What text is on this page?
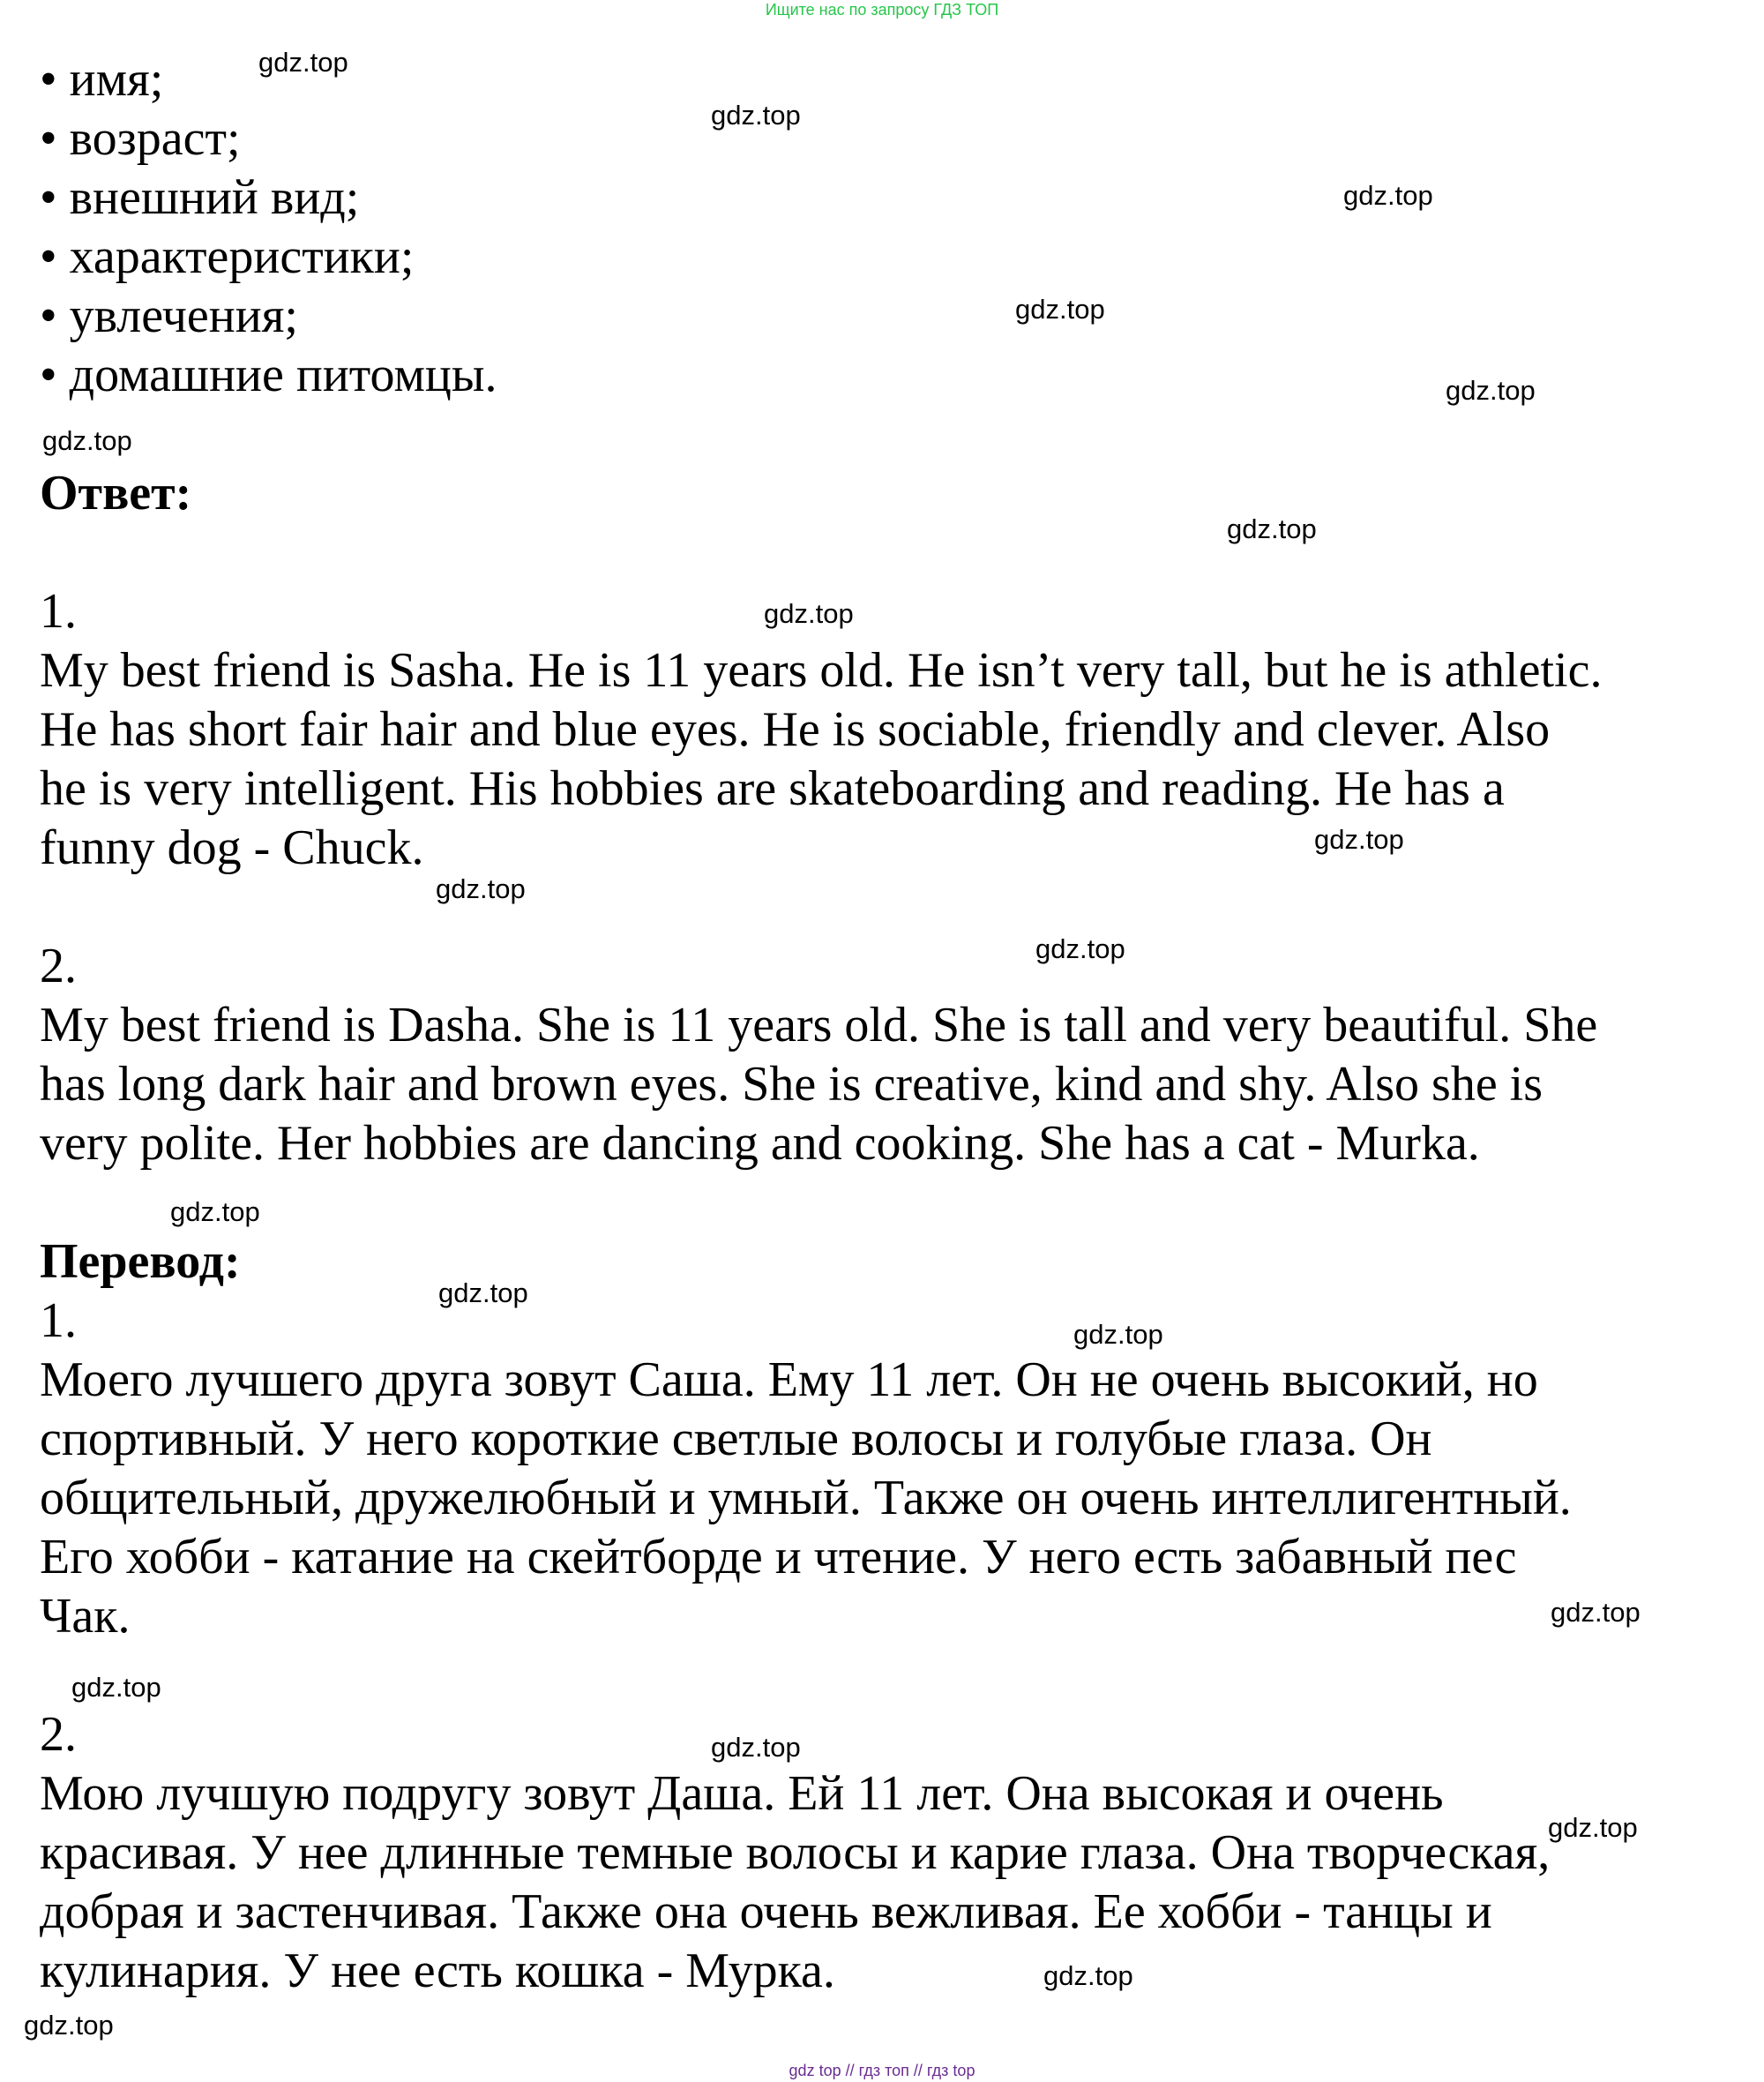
Ищите нас по запросу ГДЗ ТОП
• имя;
• возраст;
• внешний вид;
• характеристики;
• увлечения;
• домашние питомцы.
Ответ:
1.
My best friend is Sasha. He is 11 years old. He isn’t very tall, but he is athletic.
He has short fair hair and blue eyes. He is sociable, friendly and clever. Also
he is very intelligent. His hobbies are skateboarding and reading. He has a
funny dog - Chuck.
2.
My best friend is Dasha. She is 11 years old. She is tall and very beautiful. She
has long dark hair and brown eyes. She is creative, kind and shy. Also she is
very polite. Her hobbies are dancing and cooking. She has a cat - Murka.
Перевод:
1.
Моего лучшего друга зовут Саша. Ему 11 лет. Он не очень высокий, но
спортивный. У него короткие светлые волосы и голубые глаза. Он
общительный, дружелюбный и умный. Также он очень интеллигентный.
Его хобби - катание на скейтборде и чтение. У него есть забавный пес
Чак.
2.
Мою лучшую подругу зовут Даша. Ей 11 лет. Она высокая и очень
красивая. У нее длинные темные волосы и карие глаза. Она творческая,
добрая и застенчивая. Также она очень вежливая. Ее хобби - танцы и
кулинария. У нее есть кошка - Мурка.
gdz.top
gdz.top
gdz.top
gdz.top
gdz.top
gdz.top
gdz.top
gdz.top
gdz.top
gdz.top
gdz.top
gdz.top
gdz.top
gdz.top
gdz.top
gdz.top
gdz.top
gdz.top
gdz.top
gdz.top
gdz top // гдз топ // гдз top
